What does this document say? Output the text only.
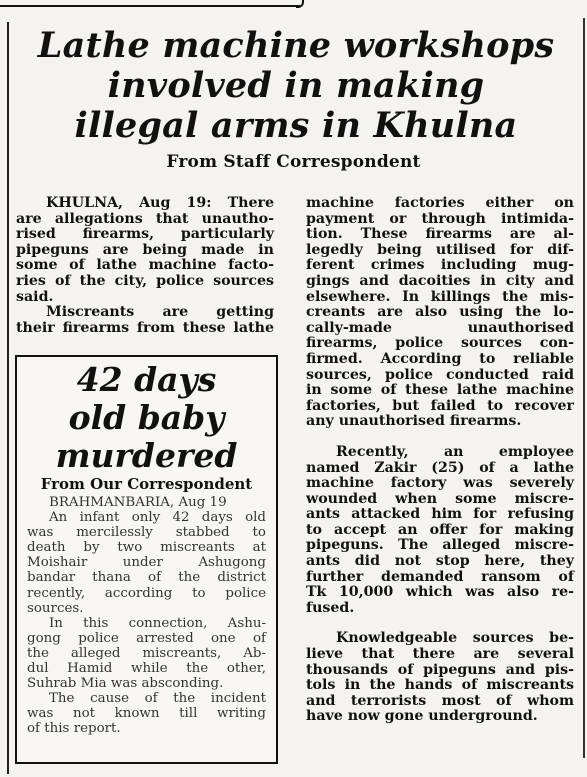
Lathe machine workshops
involved in making
illegal arms in Khulna
From Staff Correspondent
KHULNA, Aug 19: There
are allegations that unautho-
rised firearms, particularly
pipeguns are being made in
some of lathe machine facto-
ries of the city, police sources
said.
Miscreants are getting
their firearms from these lathe
machine factories either on
payment or through intimida-
tion. These firearms are al-
legedly being utilised for dif-
ferent crimes including mug-
gings and dacoities in city and
elsewhere. In killings the mis-
creants are also using the lo-
cally-made unauthorised
firearms, police sources con-
firmed. According to reliable
sources, police conducted raid
in some of these lathe machine
factories, but failed to recover
any unauthorised firearms.
Recently, an employee
named Zakir (25) of a lathe
machine factory was severely
wounded when some miscre-
ants attacked him for refusing
to accept an offer for making
pipeguns. The alleged miscre-
ants did not stop here, they
further demanded ransom of
Tk 10,000 which was also re-
fused.
Knowledgeable sources be-
lieve that there are several
thousands of pipeguns and pis-
tols in the hands of miscreants
and terrorists most of whom
have now gone underground.
42 days
old baby
murdered
From Our Correspondent
BRAHMANBARIA, Aug 19
An infant only 42 days old
was mercilessly stabbed to
death by two miscreants at
Moishair under Ashugong
bandar thana of the district
recently, according to police
sources.
In this connection, Ashu-
gong police arrested one of
the alleged miscreants, Ab-
dul Hamid while the other,
Suhrab Mia was absconding.
The cause of the incident
was not known till writing
of this report.
